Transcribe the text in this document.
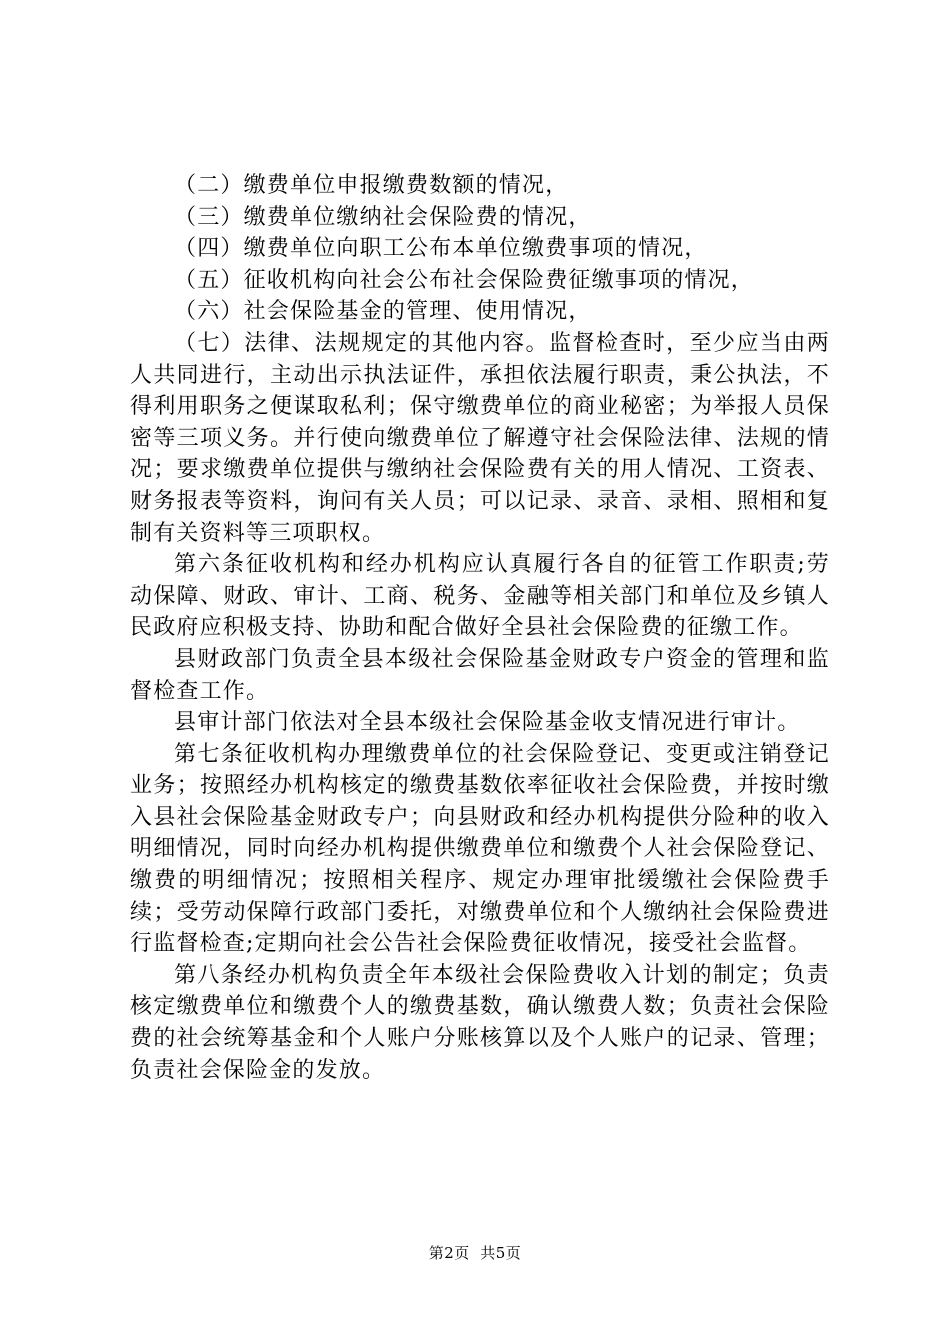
（二）缴费单位申报缴费数额的情况，

（三）缴费单位缴纳社会保险费的情况，

（四）缴费单位向职工公布本单位缴费事项的情况，

（五）征收机构向社会公布社会保险费征缴事项的情况，

（六）社会保险基金的管理、使用情况，

（七）法律、法规规定的其他内容。监督检查时，至少应当由两人共同进行，主动出示执法证件，承担依法履行职责，秉公执法，不得利用职务之便谋取私利；保守缴费单位的商业秘密；为举报人员保密等三项义务。并行使向缴费单位了解遵守社会保险法律、法规的情况；要求缴费单位提供与缴纳社会保险费有关的用人情况、工资表、财务报表等资料，询问有关人员；可以记录、录音、录相、照相和复制有关资料等三项职权。

第六条征收机构和经办机构应认真履行各自的征管工作职责;劳动保障、财政、审计、工商、税务、金融等相关部门和单位及乡镇人民政府应积极支持、协助和配合做好全县社会保险费的征缴工作。

县财政部门负责全县本级社会保险基金财政专户资金的管理和监督检查工作。

县审计部门依法对全县本级社会保险基金收支情况进行审计。

第七条征收机构办理缴费单位的社会保险登记、变更或注销登记业务；按照经办机构核定的缴费基数依率征收社会保险费，并按时缴入县社会保险基金财政专户；向县财政和经办机构提供分险种的收入明细情况，同时向经办机构提供缴费单位和缴费个人社会保险登记、缴费的明细情况；按照相关程序、规定办理审批缓缴社会保险费手续；受劳动保障行政部门委托，对缴费单位和个人缴纳社会保险费进行监督检查;定期向社会公告社会保险费征收情况，接受社会监督。

第八条经办机构负责全年本级社会保险费收入计划的制定；负责核定缴费单位和缴费个人的缴费基数，确认缴费人数；负责社会保险费的社会统筹基金和个人账户分账核算以及个人账户的记录、管理；负责社会保险金的发放。

第2页  共5页
